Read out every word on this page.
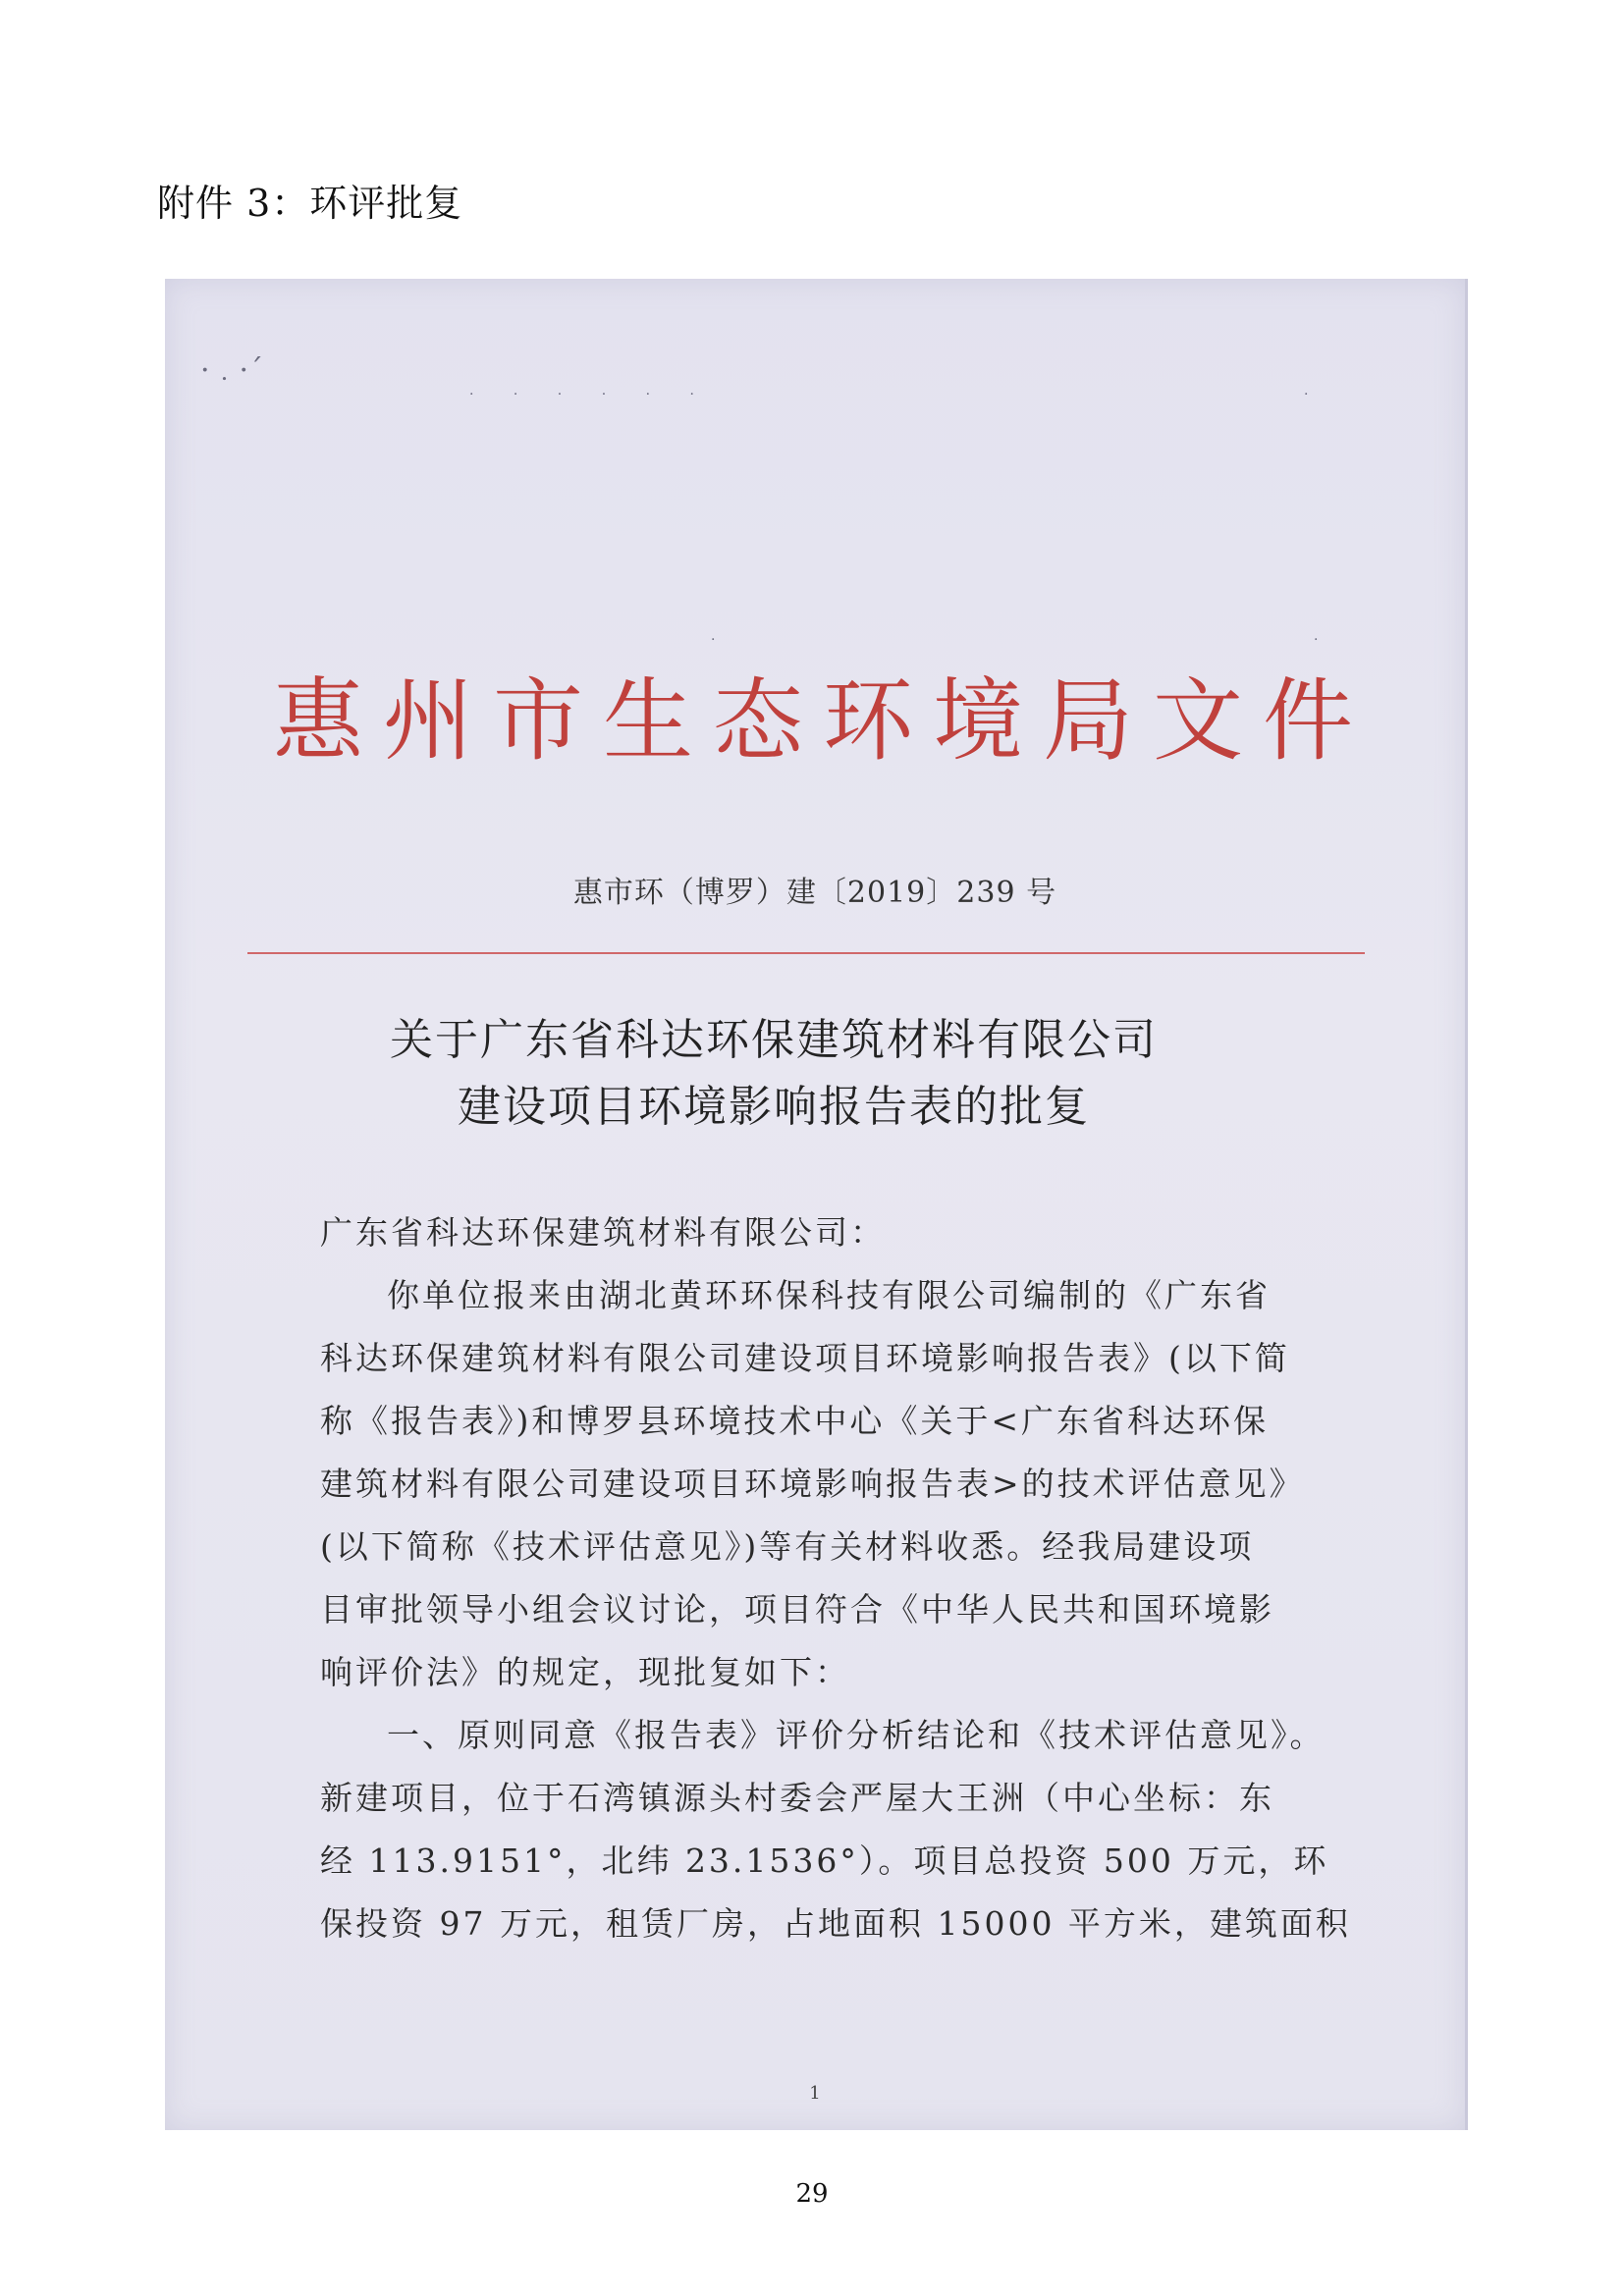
附件 3：环评批复
·﹒·´
· · · · · ·	·
·	·
惠州市生态环境局文件
惠市环（博罗）建〔2019〕239 号
关于广东省科达环保建筑材料有限公司
建设项目环境影响报告表的批复

广东省科达环保建筑材料有限公司：

你单位报来由湖北黄环环保科技有限公司编制的《广东省

科达环保建筑材料有限公司建设项目环境影响报告表》(以下简

称《报告表》)和博罗县环境技术中心《关于<广东省科达环保

建筑材料有限公司建设项目环境影响报告表>的技术评估意见》

(以下简称《技术评估意见》)等有关材料收悉。经我局建设项

目审批领导小组会议讨论，项目符合《中华人民共和国环境影

响评价法》的规定，现批复如下：

一、原则同意《报告表》评价分析结论和《技术评估意见》。

新建项目，位于石湾镇源头村委会严屋大王洲（中心坐标：东

经 113.9151°，北纬 23.1536°）。项目总投资 500 万元，环

保投资 97 万元，租赁厂房，占地面积 15000 平方米，建筑面积

1
29
